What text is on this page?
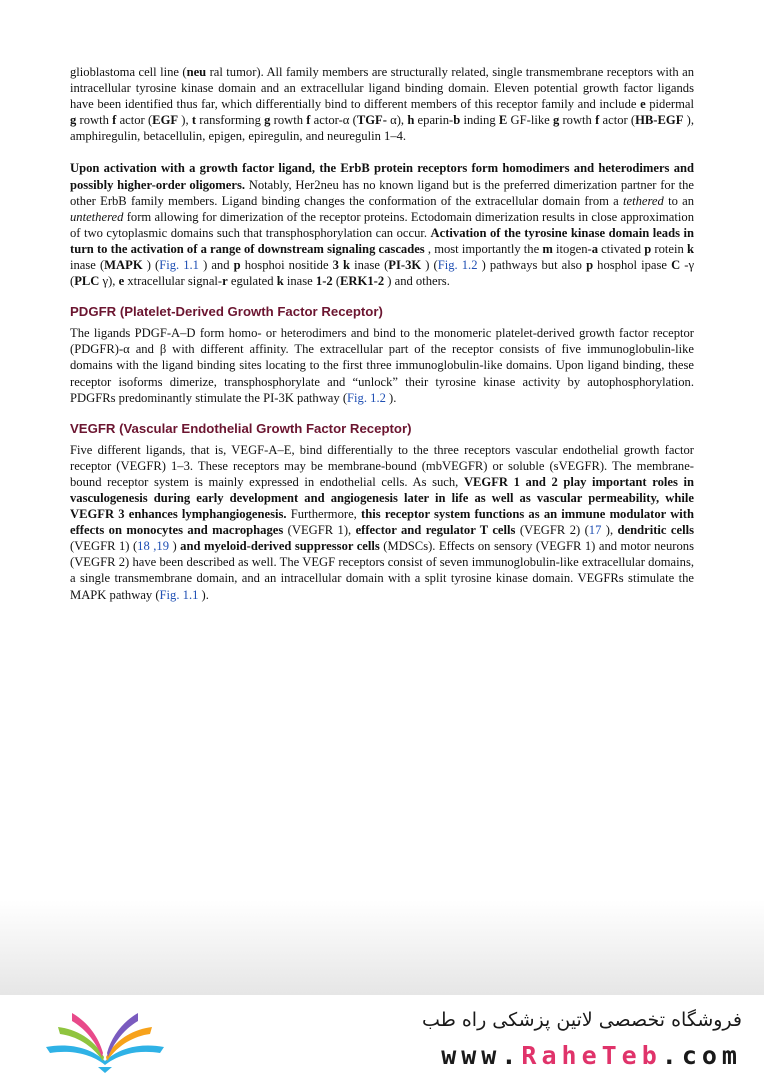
glioblastoma cell line (neu ral tumor). All family members are structurally related, single transmembrane receptors with an intracellular tyrosine kinase domain and an extracellular ligand binding domain. Eleven potential growth factor ligands have been identified thus far, which differentially bind to different members of this receptor family and include e pidermal g rowth f actor (EGF ), t ransforming g rowth f actor-α (TGF- α), h eparin-b inding E GF-like g rowth f actor (HB-EGF ), amphiregulin, betacellulin, epigen, epiregulin, and neuregulin 1–4.

Upon activation with a growth factor ligand, the ErbB protein receptors form homodimers and heterodimers and possibly higher-order oligomers. Notably, Her2neu has no known ligand but is the preferred dimerization partner for the other ErbB family members. Ligand binding changes the conformation of the extracellular domain from a tethered to an untethered form allowing for dimerization of the receptor proteins. Ectodomain dimerization results in close approximation of two cytoplasmic domains such that transphosphorylation can occur. Activation of the tyrosine kinase domain leads in turn to the activation of a range of downstream signaling cascades , most importantly the m itogen-a ctivated p rotein k inase (MAPK ) (Fig. 1.1 ) and p hosphoi nositide 3 k inase (PI-3K ) (Fig. 1.2 ) pathways but also p hosphol ipase C -γ (PLC γ), e xtracellular signal-r egulated k inase 1-2 (ERK1-2 ) and others.

PDGFR (Platelet-Derived Growth Factor Receptor)

The ligands PDGF-A–D form homo- or heterodimers and bind to the monomeric platelet-derived growth factor receptor (PDGFR)-α and β with different affinity. The extracellular part of the receptor consists of five immunoglobulin-like domains with the ligand binding sites locating to the first three immunoglobulin-like domains. Upon ligand binding, these receptor isoforms dimerize, transphosphorylate and “unlock” their tyrosine kinase activity by autophosphorylation. PDGFRs predominantly stimulate the PI-3K pathway (Fig. 1.2 ).

VEGFR (Vascular Endothelial Growth Factor Receptor)

Five different ligands, that is, VEGF-A–E, bind differentially to the three receptors vascular endothelial growth factor receptor (VEGFR) 1–3. These receptors may be membrane-bound (mbVEGFR) or soluble (sVEGFR). The membrane-bound receptor system is mainly expressed in endothelial cells. As such, VEGFR 1 and 2 play important roles in vasculogenesis during early development and angiogenesis later in life as well as vascular permeability, while VEGFR 3 enhances lymphangiogenesis. Furthermore, this receptor system functions as an immune modulator with effects on monocytes and macrophages (VEGFR 1), effector and regulator T cells (VEGFR 2) (17 ), dendritic cells (VEGFR 1) (18 ,19 ) and myeloid-derived suppressor cells (MDSCs). Effects on sensory (VEGFR 1) and motor neurons (VEGFR 2) have been described as well. The VEGF receptors consist of seven immunoglobulin-like extracellular domains, a single transmembrane domain, and an intracellular domain with a split tyrosine kinase domain. VEGFRs stimulate the MAPK pathway (Fig. 1.1 ).

فروشگاه تخصصی لاتین پزشکی راه طب
www.RaheTeb.com
